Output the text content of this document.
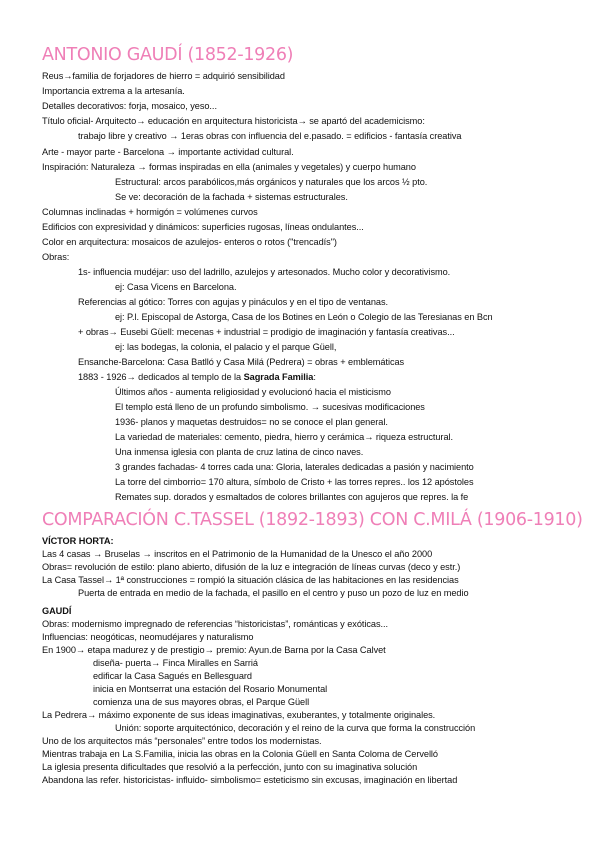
ANTONIO GAUDÍ (1852-1926)

Reus→familia de forjadores de hierro = adquirió sensibilidad

Importancia extrema a la artesanía.

Detalles decorativos: forja, mosaico, yeso...

Título oficial- Arquitecto→ educación en arquitectura historicista→ se apartó del academicismo:

trabajo libre y creativo → 1eras obras con influencia del e.pasado. = edificios - fantasía creativa

Arte - mayor parte - Barcelona → importante actividad cultural.

Inspiración: Naturaleza → formas inspiradas en ella (animales y vegetales) y cuerpo humano

Estructural: arcos parabólicos,más orgánicos y naturales que los arcos ½ pto.

Se ve: decoración de la fachada + sistemas estructurales.

Columnas inclinadas + hormigón = volúmenes curvos

Edificios con expresividad y dinámicos: superficies rugosas, líneas ondulantes...

Color en arquitectura: mosaicos de azulejos- enteros o rotos ("trencadís")

Obras:

1s- influencia mudéjar: uso del ladrillo, azulejos y artesonados. Mucho color y decorativismo.

ej: Casa Vicens en Barcelona.

Referencias al gótico: Torres con agujas y pináculos y en el tipo de ventanas.

ej: P.l. Episcopal de Astorga, Casa de los Botines en León o Colegio de las Teresianas en Bcn

+ obras→ Eusebi Güell: mecenas + industrial = prodigio de imaginación y fantasía creativas...

ej: las bodegas, la colonia, el palacio y el parque Güell,

Ensanche-Barcelona: Casa Batlló y Casa Milá (Pedrera) = obras + emblemáticas

1883 - 1926→ dedicados al templo de la Sagrada Familia:

Últimos años - aumenta religiosidad y evolucionó hacia el misticismo

El templo está lleno de un profundo simbolismo. → sucesivas modificaciones

1936- planos y maquetas destruidos= no se conoce el plan general.

La variedad de materiales: cemento, piedra, hierro y cerámica→ riqueza estructural.

Una inmensa iglesia con planta de cruz latina de cinco naves.

3 grandes fachadas- 4 torres cada una: Gloria, laterales dedicadas a pasión y nacimiento

La torre del cimborrio= 170 altura, símbolo de Cristo + las torres repres.. los 12 apóstoles

Remates sup. dorados y esmaltados de colores brillantes con agujeros que repres. la fe

COMPARACIÓN C.TASSEL (1892-1893) CON C.MILÁ (1906-1910)

VÍCTOR HORTA:

Las 4 casas → Bruselas → inscritos en el Patrimonio de la Humanidad de la Unesco el año 2000

Obras= revolución de estilo: plano abierto, difusión de la luz e integración de líneas curvas (deco y estr.)

La Casa Tassel→ 1ª construcciones = rompió la situación clásica de las habitaciones en las residencias

Puerta de entrada en medio de la fachada, el pasillo en el centro y puso un pozo de luz en medio

GAUDÍ

Obras: modernismo impregnado de referencias “historicistas”, románticas y exóticas...

Influencias: neogóticas, neomudéjares y naturalismo

En 1900→ etapa madurez y de prestigio→ premio: Ayun.de Barna por la Casa Calvet

diseña- puerta→ Finca Miralles en Sarriá

edificar la Casa Sagués en Bellesguard

inicia en Montserrat una estación del Rosario Monumental

comienza una de sus mayores obras, el Parque Güell

La Pedrera→ máximo exponente de sus ideas imaginativas, exuberantes, y totalmente originales.

Unión: soporte arquitectónico, decoración y el reino de la curva que forma la construcción

Uno de los arquitectos más “personales” entre todos los modernistas.

Mientras trabaja en La S.Familia, inicia las obras en la Colonia Güell en Santa Coloma de Cervelló

La iglesia presenta dificultades que resolvió a la perfección, junto con su imaginativa solución

Abandona las refer. historicistas- influido- simbolismo= esteticismo sin excusas, imaginación en libertad
